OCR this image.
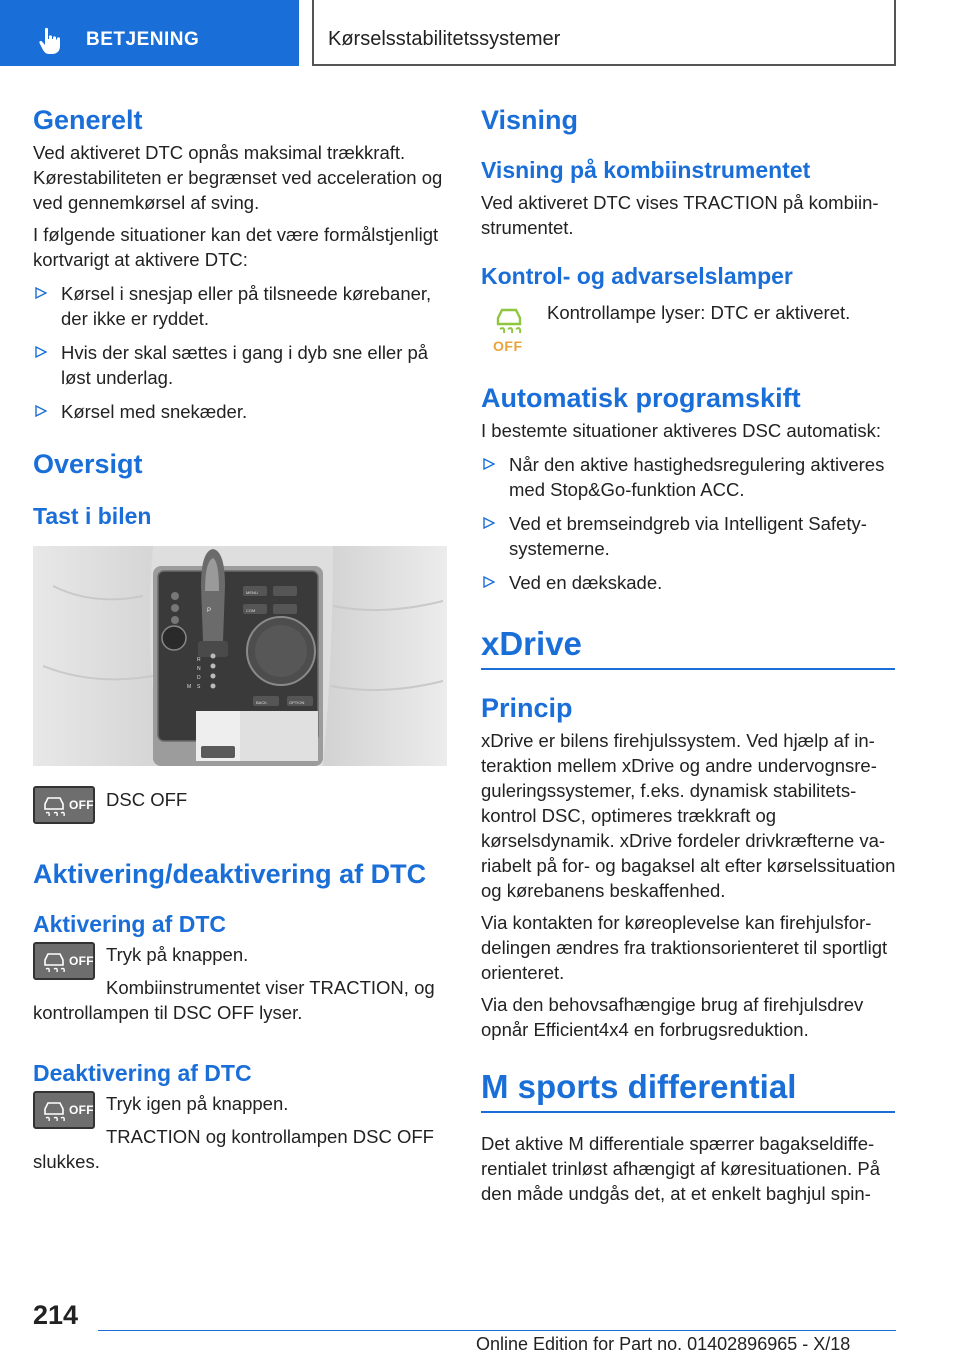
BETJENING	Kørselsstabilitetssystemer
Generelt

Ved aktiveret DTC opnås maksimal trækkraft. Kørestabiliteten er begrænset ved acceleration og ved gennemkørsel af sving.

I følgende situationer kan det være formålstjenligt kortvarigt at aktivere DTC:

Kørsel i snesjap eller på tilsneede kørebaner, der ikke er ryddet.
Hvis der skal sættes i gang i dyb sne eller på løst underlag.
Kørsel med snekæder.
Oversigt
Tast i bilen
P
R
N
D
S
M
OPTION
BACK
MENU
COM
OFF DSC OFF

Aktivering/deaktivering af DTC
Aktivering af DTC
OFF Tryk på knappen.

Kombiinstrumentet viser TRACTION, og kontrollampen til DSC OFF lyser.

Deaktivering af DTC
OFF Tryk igen på knappen.

TRACTION og kontrollampen DSC OFF slukkes.

Visning
Visning på kombiinstrumentet

Ved aktiveret DTC vises TRACTION på kombiinstrumentet.

Kontrol- og advarselslamper
OFF

Kontrollampe lyser: DTC er aktiveret.

Automatisk programskift

I bestemte situationer aktiveres DSC automatisk:

Når den aktive hastighedsregulering aktiveres med Stop&Go-funktion ACC.
Ved et bremseindgreb via Intelligent Safety-systemerne.
Ved en dækskade.
xDrive
Princip

xDrive er bilens firehjulssystem. Ved hjælp af interaktion mellem xDrive og andre undervognsreguleringssystemer, f.eks. dynamisk stabilitetskontrol DSC, optimeres trækkraft og kørselsdynamik. xDrive fordeler drivkræfterne variabelt på for- og bagaksel alt efter kørselssituation og kørebanens beskaffenhed.

Via kontakten for køreoplevelse kan firehjulsfordelingen ændres fra traktionsorienteret til sportligt orienteret.

Via den behovsafhængige brug af firehjulsdrev opnår Efficient4x4 en forbrugsreduktion.

M sports differential

Det aktive M differentiale spærrer bagakseldifferentialet trinløst afhængigt af køresituationen. På den måde undgås det, at et enkelt baghjul spin-

214
Online Edition for Part no. 01402896965 - X/18
